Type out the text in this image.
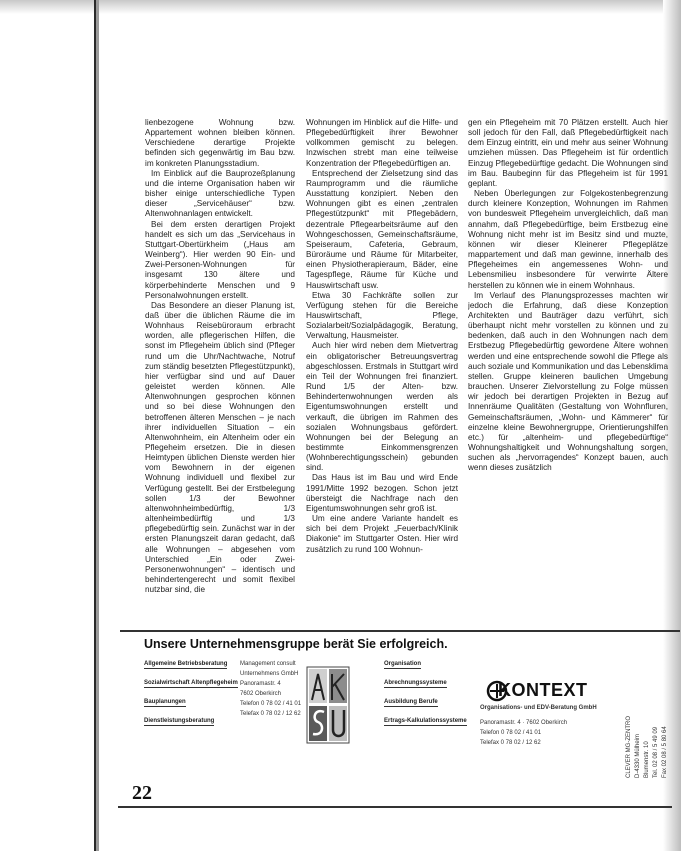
lienbezogene Wohnung bzw. Appartement wohnen bleiben können. Verschiedene derartige Projekte befinden sich gegenwärtig im Bau bzw. im konkreten Planungsstadium.

Im Einblick auf die Bauprozeßplanung und die interne Organisation haben wir bisher einige unterschiedliche Typen dieser „Servicehäuser“ bzw. Altenwohnanlagen entwickelt.

Bei dem ersten derartigen Projekt handelt es sich um das „Servicehaus in Stuttgart-Obertürkheim („Haus am Weinberg“). Hier werden 90 Ein- und Zwei-Personen-Wohnungen für insgesamt 130 ältere und körperbehinderte Menschen und 9 Personalwohnungen erstellt.

Das Besondere an dieser Planung ist, daß über die üblichen Räume die im Wohnhaus Reisebüroraum erbracht worden, alle pflegerischen Hilfen, die sonst im Pflegeheim üblich sind (Pfleger rund um die Uhr/Nachtwache, Notruf zum ständig besetzten Pflegestützpunkt), hier verfügbar sind und auf Dauer geleistet werden können. Alle Altenwohnungen gesprochen können und so bei diese Wohnungen den betroffenen älteren Menschen – je nach ihrer individuellen Situation – ein Altenwohnheim, ein Altenheim oder ein Pflegeheim ersetzen. Die in diesen Heimtypen üblichen Dienste werden hier vom Bewohnern in der eigenen Wohnung individuell und flexibel zur Verfügung gestellt. Bei der Erstbelegung sollen 1/3 der Bewohner altenwohnheimbedürftig, 1/3 altenheimbedürftig und 1/3 pflegebedürftig sein. Zunächst war in der ersten Planungszeit daran gedacht, daß alle Wohnungen – abgesehen vom Unterschied „Ein oder Zwei-Personenwohnungen“ – identisch und behindertengerecht und somit flexibel nutzbar sind, die

Wohnungen im Hinblick auf die Hilfe- und Pflegebedürftigkeit ihrer Bewohner vollkommen gemischt zu belegen. Inzwischen strebt man eine teilweise Konzentration der Pflegebedürftigen an.

Entsprechend der Zielsetzung sind das Raumprogramm und die räumliche Ausstattung konzipiert. Neben den Wohnungen gibt es einen „zentralen Pflegestützpunkt“ mit Pflegebädern, dezentrale Pflegearbeitsräume auf den Wohngeschossen, Gemeinschaftsräume, Speiseraum, Cafeteria, Gebraum, Büroräume und Räume für Mitarbeiter, einen Physiotherapieraum, Bäder, eine Tagespflege, Räume für Küche und Hauswirtschaft usw.

Etwa 30 Fachkräfte sollen zur Verfügung stehen für die Bereiche Hauswirtschaft, Pflege, Sozialarbeit/Sozialpädagogik, Beratung, Verwaltung, Hausmeister.

Auch hier wird neben dem Mietvertrag ein obligatorischer Betreuungsvertrag abgeschlossen. Erstmals in Stuttgart wird ein Teil der Wohnungen frei finanziert. Rund 1/5 der Alten- bzw. Behindertenwohnungen werden als Eigentumswohnungen erstellt und verkauft, die übrigen im Rahmen des sozialen Wohnungsbaus gefördert. Wohnungen bei der Belegung an bestimmte Einkommensgrenzen (Wohnberechtigungsschein) gebunden sind.

Das Haus ist im Bau und wird Ende 1991/Mitte 1992 bezogen. Schon jetzt übersteigt die Nachfrage nach den Eigentumswohnungen sehr groß ist.

Um eine andere Variante handelt es sich bei dem Projekt „Feuerbach/Klinik Diakonie“ im Stuttgarter Osten. Hier wird zusätzlich zu rund 100 Wohnun-

gen ein Pflegeheim mit 70 Plätzen erstellt. Auch hier soll jedoch für den Fall, daß Pflegebedürftigkeit nach dem Einzug eintritt, ein und mehr aus seiner Wohnung umziehen müssen. Das Pflegeheim ist für ordentlich Einzug Pflegebedürftige gedacht. Die Wohnungen sind im Bau. Baubeginn für das Pflegeheim ist für 1991 geplant.

Neben Überlegungen zur Folgekostenbegrenzung durch kleinere Konzeption, Wohnungen im Rahmen von bundesweit Pflegeheim unvergleichlich, daß man annahm, daß Pflegebedürftige, beim Erstbezug eine Wohnung nicht mehr ist im Besitz sind und muzte, können wir dieser Kleinerer Pflegeplätze mappartement und daß man gewinne, innerhalb des Pflegeheimes ein angemessenes Wohn- und Lebensmilieu insbesondere für verwirrte Ältere herstellen zu können wie in einem Wohnhaus.

Im Verlauf des Planungsprozesses machten wir jedoch die Erfahrung, daß diese Konzeption Architekten und Bauträger dazu verführt, sich überhaupt nicht mehr vorstellen zu können und zu bedenken, daß auch in den Wohnungen nach dem Erstbezug Pflegebedürftig gewordene Ältere wohnen werden und eine entsprechende sowohl die Pflege als auch soziale und Kommunikation und das Lebensklima stellen. Gruppe kleineren baulichen Umgebung brauchen. Unserer Zielvorstellung zu Folge müssen wir jedoch bei derartigen Projekten in Bezug auf Innenräume Qualitäten (Gestaltung von Wohnfluren, Gemeinschaftsräumen, „Wohn- und Kämmerer“ für einzelne kleine Bewohnergruppe, Orientierungshilfen etc.) für „altenheim- und pflegebedürftige“ Wohnungshaltigkeit und Wohnungshaltung sorgen, suchen als „hervorragendes“ Konzept bauen, auch wenn dieses zusätzlich

Unsere Unternehmensgruppe berät Sie erfolgreich.
Allgemeine Betriebsberatung
Sozialwirtschaft Altenpflegeheim
Bauplanungen
Dienstleistungsberatung
Management consult
Unternehmens GmbH
Panoramastr. 4
7602 Oberkirch
Telefon 0 78 02 / 41 01
Telefax 0 78 02 / 12 62
Organisation
Abrechnungssysteme
Ausbildung Berufe
Ertrags-Kalkulationssysteme
KONTEXT
Organisations- und EDV-Beratung GmbH
Panoramastr. 4 · 7602 Oberkirch
Telefon 0 78 02 / 41 01
Telefax 0 78 02 / 12 62	CLEVER MG-ZENTRO D-4330 Mülheim Blumenstr. 10 Tel. 02 08 / 5 49 09 Fax 02 08 / 5 80 64
22
